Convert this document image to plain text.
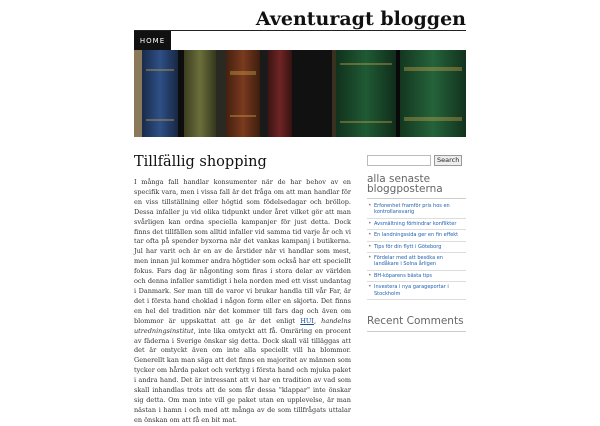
Aventuragt bloggen
HOME
Tillfällig shopping

I många fall handlar konsumenter när de har behov av en specifik vara, men i vissa fall är det fråga om att man handlar för en viss tillställning eller högtid som födelsedagar och bröllop. Dessa infaller ju vid olika tidpunkt under året vilket gör att man svårligen kan ordna speciella kampanjer för just detta. Dock finns det tillfällen som alltid infaller vid samma tid varje år och vi tar ofta på spender byxorna när det vankas kampanj i butikerna. Jul har varit och är en av de årstider när vi handlar som mest, men innan jul kommer andra högtider som också har ett speciellt fokus. Fars dag är någonting som firas i stora delar av världen och denna infaller samtidigt i hela norden med ett visst undantag i Danmark. Ser man till de varor vi brukar handla till vår Far, är det i första hand choklad i någon form eller en skjorta. Det finns en hel del tradition när det kommer till fars dag och även om blommor är uppskattat att ge är det enligt HUI, handelns utredningsinstitut, inte lika omtyckt att få. Omräring en procent av fäderna i Sverige önskar sig detta. Dock skall väl tilläggas att det är omtyckt även om inte alla speciellt vill ha blommor. Generellt kan man säga att det finns en majoritet av männen som tycker om hårda paket och verktyg i första hand och mjuka paket i andra hand. Det är intressant att vi har en tradition av vad som skall inhandlas trots att de som får dessa "klappar" inte önskar sig detta. Om man inte vill ge paket utan en upplevelse, är man nästan i hamn i och med att många av de som tillfrågats uttalar en önskan om att få en bit mat.

Search
alla senaste bloggposterna
• Erforenhet framför pris hos en kontrollansvarig
• Avsmältning förhindrar konflikter
• En landningssida ger en fin effekt
• Tips för din flytt i Göteborg
• Fördelar med att besöka en landåkare i Solna årligen
• BH-köparens bästa tips
• Investera i nya garageportar i Stockholm
Recent Comments
